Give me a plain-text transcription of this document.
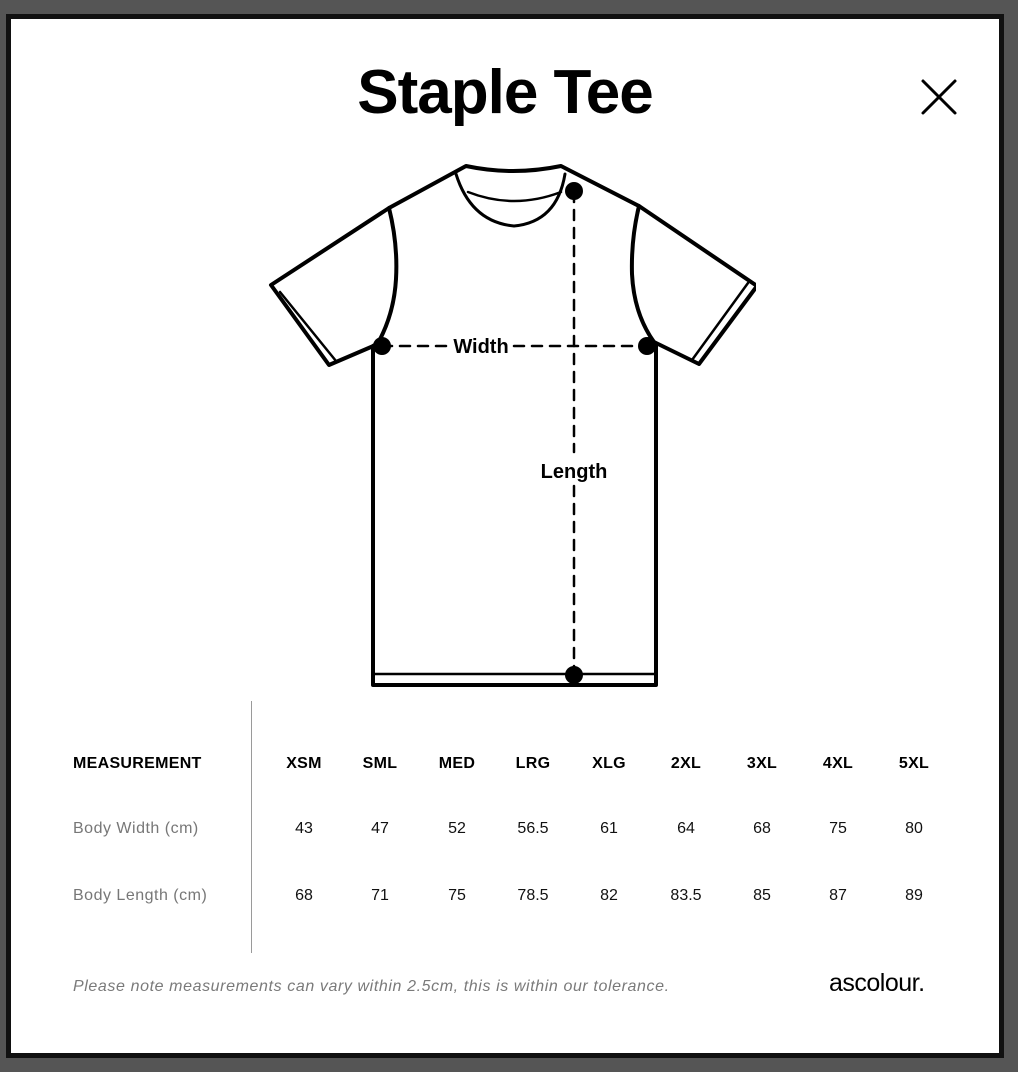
Staple Tee
Width
Length
MEASUREMENT	XSM	SML	MED	LRG	XLG	2XL	3XL	4XL	5XL
Body Width (cm)	43	47	52	56.5	61	64	68	75	80
Body Length (cm)	68	71	75	78.5	82	83.5	85	87	89
Please note measurements can vary within 2.5cm, this is within our tolerance.	ascolour.
